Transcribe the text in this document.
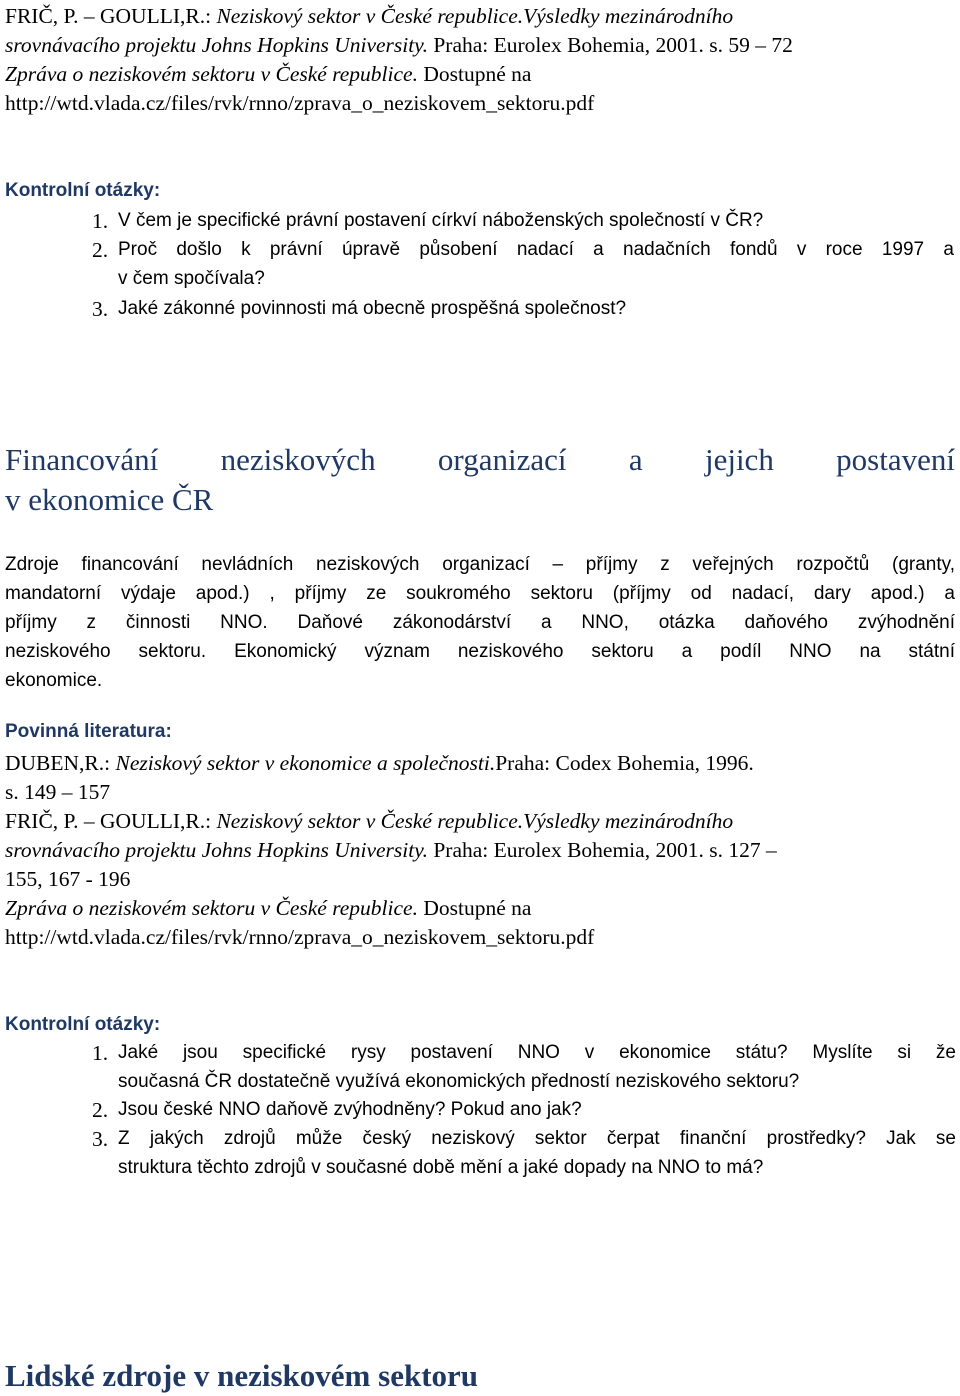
FRIČ, P. – GOULLI,R.: Neziskový sektor v České republice.Výsledky mezinárodního
srovnávacího projektu Johns Hopkins University. Praha: Eurolex Bohemia, 2001. s. 59 – 72
Zpráva o neziskovém sektoru v České republice. Dostupné na
http://wtd.vlada.cz/files/rvk/rnno/zprava_o_neziskovem_sektoru.pdf
Kontrolní otázky:
1. V čem je specifické právní postavení církví náboženských společností v ČR?
2. Proč došlo k právní úpravě působení nadací a nadačních fondů v roce 1997 a
v čem spočívala?
3. Jaké zákonné povinnosti má obecně prospěšná společnost?
Financování neziskových organizací a jejich postavení
v ekonomice ČR
Zdroje financování nevládních neziskových organizací – příjmy z veřejných rozpočtů (granty,
mandatorní výdaje apod.) , příjmy ze soukromého sektoru (příjmy od nadací, dary apod.) a
příjmy z činnosti NNO. Daňové zákonodárství a NNO, otázka daňového zvýhodnění
neziskového sektoru. Ekonomický význam neziskového sektoru a podíl NNO na státní
ekonomice.
Povinná literatura:
DUBEN,R.: Neziskový sektor v ekonomice a společnosti.Praha: Codex Bohemia, 1996.
s. 149 – 157
FRIČ, P. – GOULLI,R.: Neziskový sektor v České republice.Výsledky mezinárodního
srovnávacího projektu Johns Hopkins University. Praha: Eurolex Bohemia, 2001. s. 127 –
155, 167 - 196
Zpráva o neziskovém sektoru v České republice. Dostupné na
http://wtd.vlada.cz/files/rvk/rnno/zprava_o_neziskovem_sektoru.pdf
Kontrolní otázky:
1. Jaké jsou specifické rysy postavení NNO v ekonomice státu? Myslíte si že
současná ČR dostatečně využívá ekonomických předností neziskového sektoru?
2. Jsou české NNO daňově zvýhodněny? Pokud ano jak?
3. Z jakých zdrojů může český neziskový sektor čerpat finanční prostředky? Jak se
struktura těchto zdrojů v současné době mění a jaké dopady na NNO to má?
Lidské zdroje v neziskovém sektoru
